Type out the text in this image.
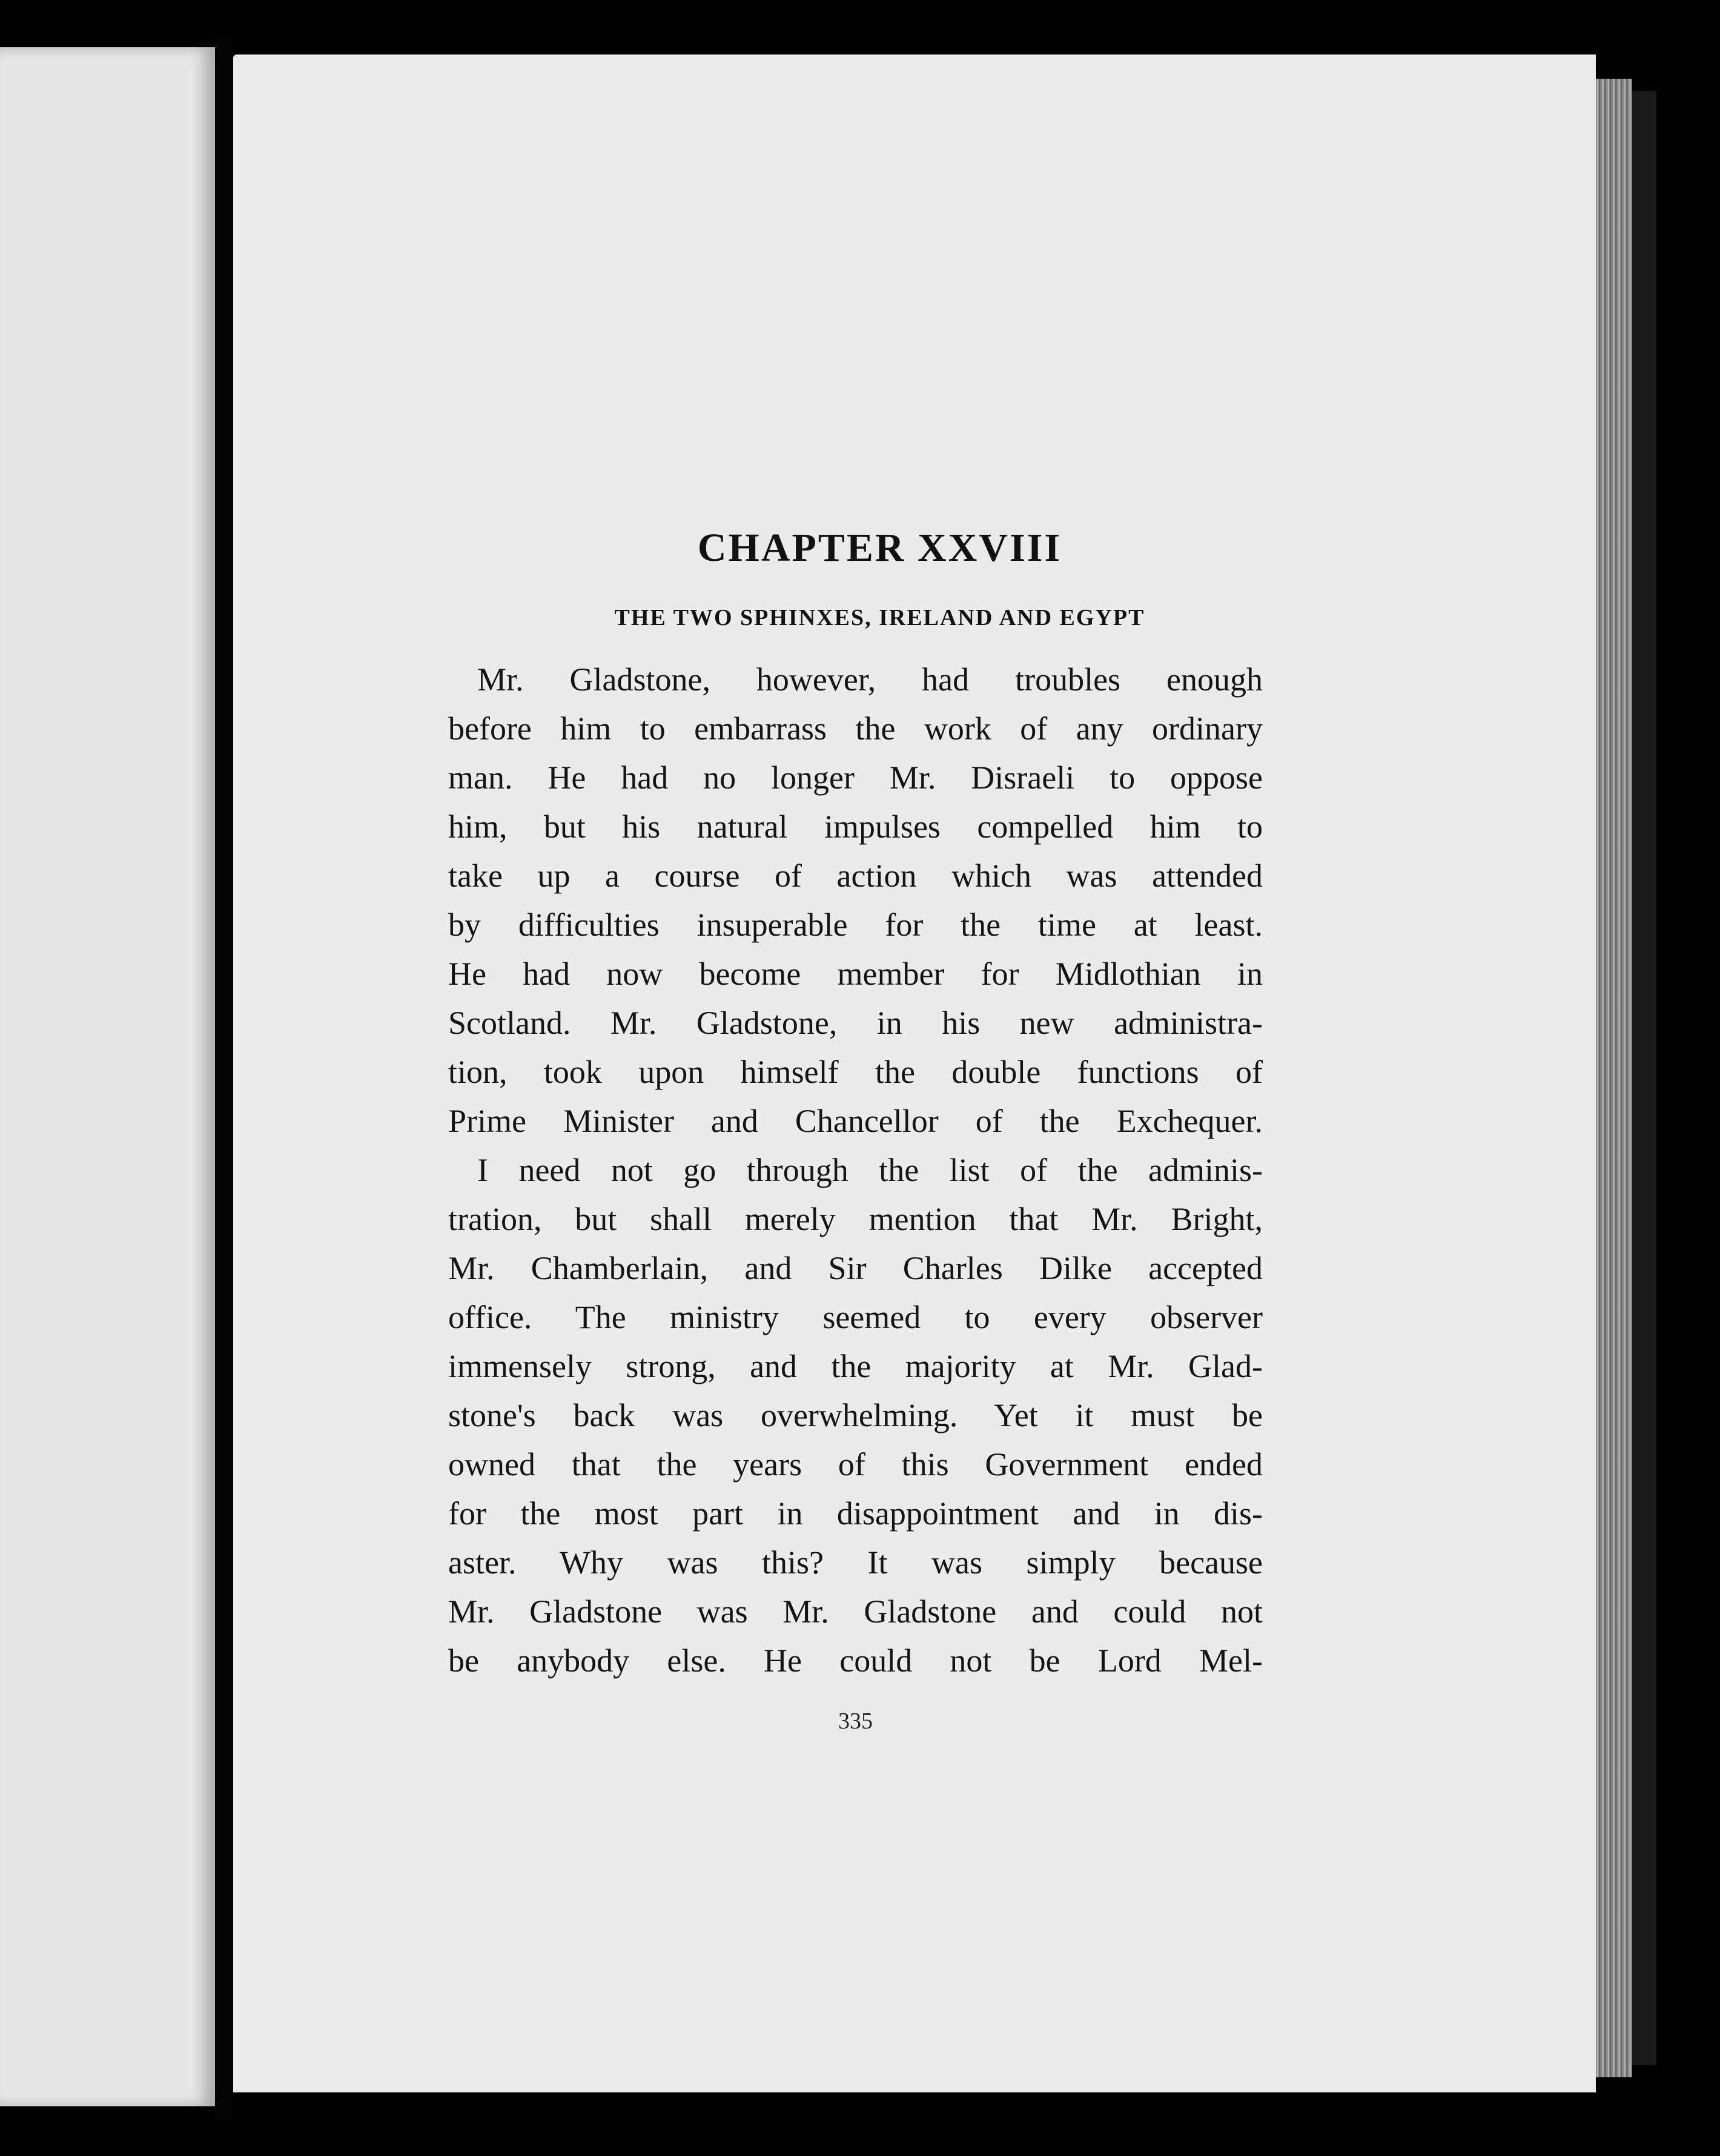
CHAPTER XXVIII
THE TWO SPHINXES, IRELAND AND EGYPT
Mr. Gladstone, however, had troubles enough
before him to embarrass the work of any ordinary
man. He had no longer Mr. Disraeli to oppose
him, but his natural impulses compelled him to
take up a course of action which was attended
by difficulties insuperable for the time at least.
He had now become member for Midlothian in
Scotland. Mr. Gladstone, in his new administra-
tion, took upon himself the double functions of
Prime Minister and Chancellor of the Exchequer.
I need not go through the list of the adminis-
tration, but shall merely mention that Mr. Bright,
Mr. Chamberlain, and Sir Charles Dilke accepted
office. The ministry seemed to every observer
immensely strong, and the majority at Mr. Glad-
stone's back was overwhelming. Yet it must be
owned that the years of this Government ended
for the most part in disappointment and in dis-
aster. Why was this? It was simply because
Mr. Gladstone was Mr. Gladstone and could not
be anybody else. He could not be Lord Mel-
335
